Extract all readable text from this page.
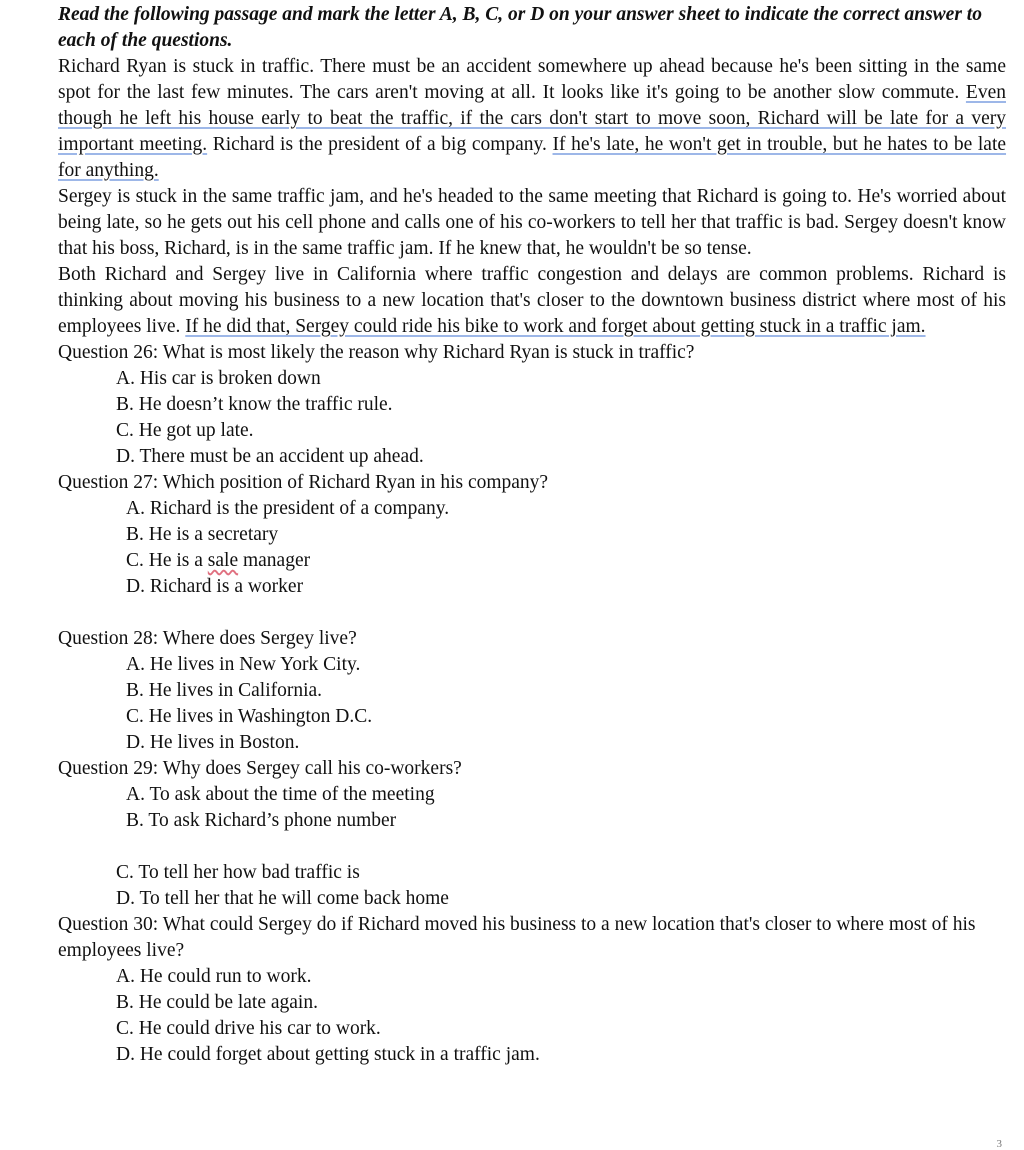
Read the following passage and mark the letter A, B, C, or D on your answer sheet to indicate the correct answer to each of the questions.

Richard Ryan is stuck in traffic. There must be an accident somewhere up ahead because he's been sitting in the same spot for the last few minutes. The cars aren't moving at all. It looks like it's going to be another slow commute. Even though he left his house early to beat the traffic, if the cars don't start to move soon, Richard will be late for a very important meeting. Richard is the president of a big company. If he's late, he won't get in trouble, but he hates to be late for anything.

Sergey is stuck in the same traffic jam, and he's headed to the same meeting that Richard is going to. He's worried about being late, so he gets out his cell phone and calls one of his co-workers to tell her that traffic is bad. Sergey doesn't know that his boss, Richard, is in the same traffic jam. If he knew that, he wouldn't be so tense.

Both Richard and Sergey live in California where traffic congestion and delays are common problems. Richard is thinking about moving his business to a new location that's closer to the downtown business district where most of his employees live. If he did that, Sergey could ride his bike to work and forget about getting stuck in a traffic jam.

Question 26: What is most likely the reason why Richard Ryan is stuck in traffic?
A. His car is broken down
B. He doesn’t know the traffic rule.
C. He got up late.
D. There must be an accident up ahead.
Question 27: Which position of Richard Ryan in his company?
A. Richard is the president of a company.
B. He is a secretary
C. He is a sale manager
D. Richard is a worker
Question 28: Where does Sergey live?
A. He lives in New York City.
B. He lives in California.
C. He lives in Washington D.C.
D. He lives in Boston.
Question 29: Why does Sergey call his co-workers?
A. To ask about the time of the meeting
B. To ask Richard’s phone number
C. To tell her how bad traffic is
D. To tell her that he will come back home
Question 30: What could Sergey do if Richard moved his business to a new location that's closer to where most of his employees live?
A. He could run to work.
B. He could be late again.
C. He could drive his car to work.
D. He could forget about getting stuck in a traffic jam.
3
